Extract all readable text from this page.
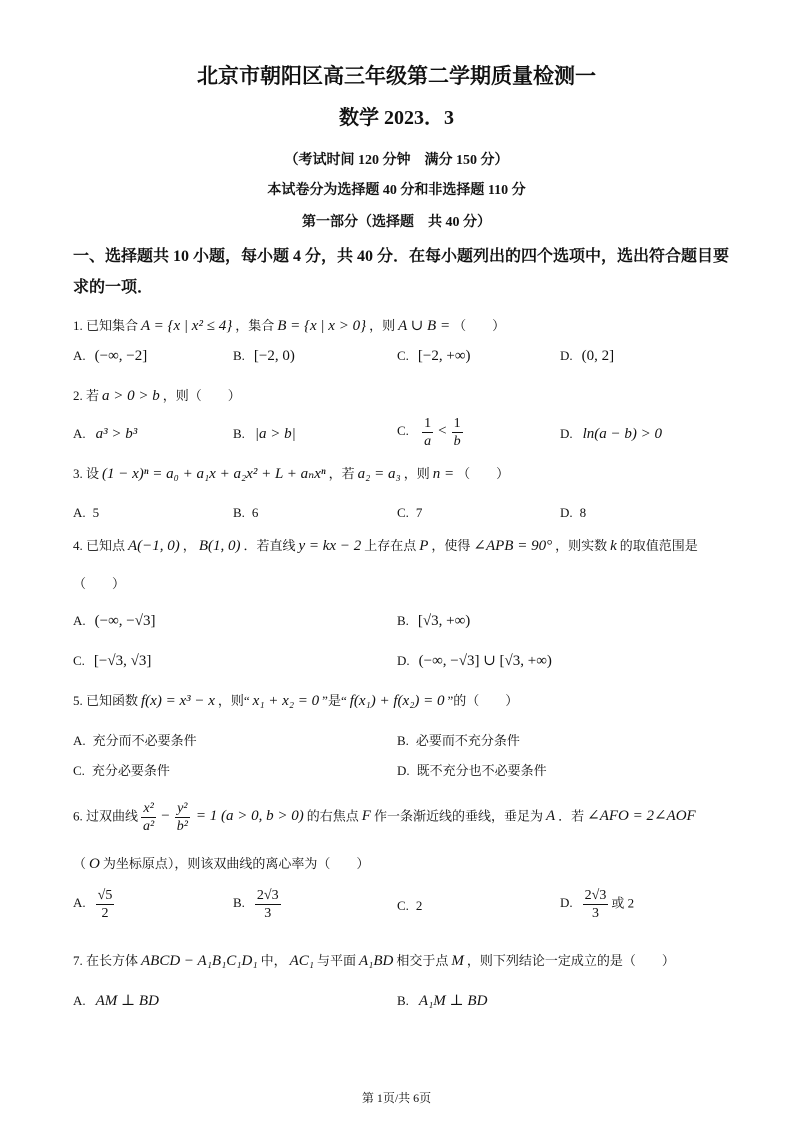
北京市朝阳区高三年级第二学期质量检测一
数学 2023．3
（考试时间 120 分钟　满分 150 分）
本试卷分为选择题 40 分和非选择题 110 分
第一部分（选择题　共 40 分）
一、选择题共 10 小题，每小题 4 分，共 40 分．在每小题列出的四个选项中，选出符合题目要求的一项．
1. 已知集合 A = {x | x² ≤ 4} ，集合 B = {x | x > 0} ，则 A ∪ B = （　　）
A. (−∞, −2]	B. [−2, 0)	C. [−2, +∞)	D. (0, 2]
2. 若 a > 0 > b ，则（　　）
A. a³ > b³	B. |a > b|	C. $\frac{1}{a} < \frac{1}{b}$	D. ln(a − b) > 0
3. 设 (1 − x)ⁿ = a₀ + a₁x + a₂x² + L + aₙxⁿ ，若 a₂ = a₃ ，则 n = （　　）
A. 5	B. 6	C. 7	D. 8
4. 已知点 A(−1, 0) ， B(1, 0) ．若直线 y = kx − 2 上存在点 P ，使得 ∠APB = 90° ，则实数 k 的取值范围是
（　　）
A. (−∞, −√3]	B. [√3, +∞)
C. [−√3, √3]	D. (−∞, −√3] ∪ [√3, +∞)
5. 已知函数 f(x) = x³ − x ，则“ x₁ + x₂ = 0 ”是“ f(x₁) + f(x₂) = 0 ”的（　　）
A. 充分而不必要条件	B. 必要而不充分条件
C. 充分必要条件	D. 既不充分也不必要条件
6. 过双曲线 $\frac{\text{x²}}{\text{a²}} - \frac{\text{y²}}{\text{b²}} = 1$ (a > 0, b > 0) 的右焦点 F 作一条渐近线的垂线，垂足为 A ．若 ∠AFO = 2∠AOF
（ O 为坐标原点），则该双曲线的离心率为（　　）
A. $\frac{√5}{2}$	B. $\frac{2√3}{3}$	C. 2	D. $\frac{2√3}{3}$ 或 2
7. 在长方体 ABCD − A₁B₁C₁D₁ 中， AC₁ 与平面 A₁BD 相交于点 M ，则下列结论一定成立的是（　　）
A. AM ⊥ BD	B. A₁M ⊥ BD
第 1页/共 6页
